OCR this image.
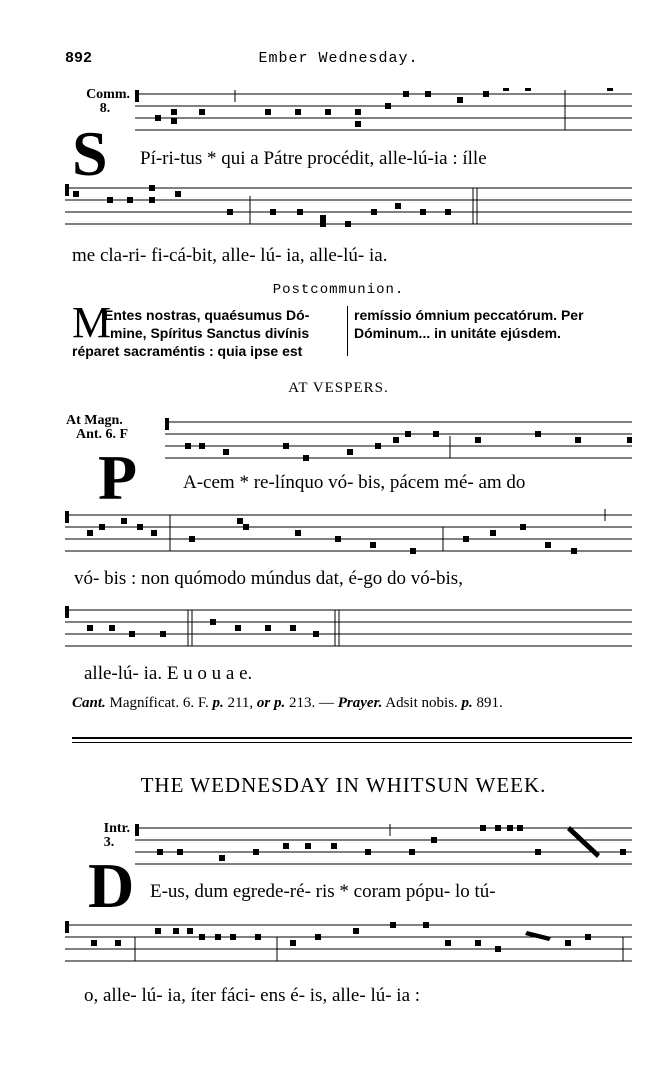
892	Ember Wednesday.
Comm.
8.
S Pí-ri-tus * qui a Pátre procédit, alle-lú-ia : ílle
me cla-ri- fi-cá-bit, alle- lú- ia, alle-lú- ia.
Postcommunion.
M
Entes nostras, quaésumus Dó-
mine, Spíritus Sanctus divínis
réparet sacraméntis : quia ipse est
remíssio ómnium peccatórum. Per
Dóminum... in unitáte ejúsdem.
AT VESPERS.
At Magn.
Ant. 6. F
P A-cem * re-línquo vó- bis, pácem mé- am do
vó- bis : non quómodo múndus dat, é-go do vó-bis,
alle-lú- ia. E u o u a e.
Cant. Magníficat. 6. F. p. 211, or p. 213. — Prayer. Adsit nobis. p. 891.
THE WEDNESDAY IN WHITSUN WEEK.
Intr.
3.
D E-us, dum egrede-ré- ris * coram pópu- lo tú-
o, alle- lú- ia, íter fáci- ens é- is, alle- lú- ia :
